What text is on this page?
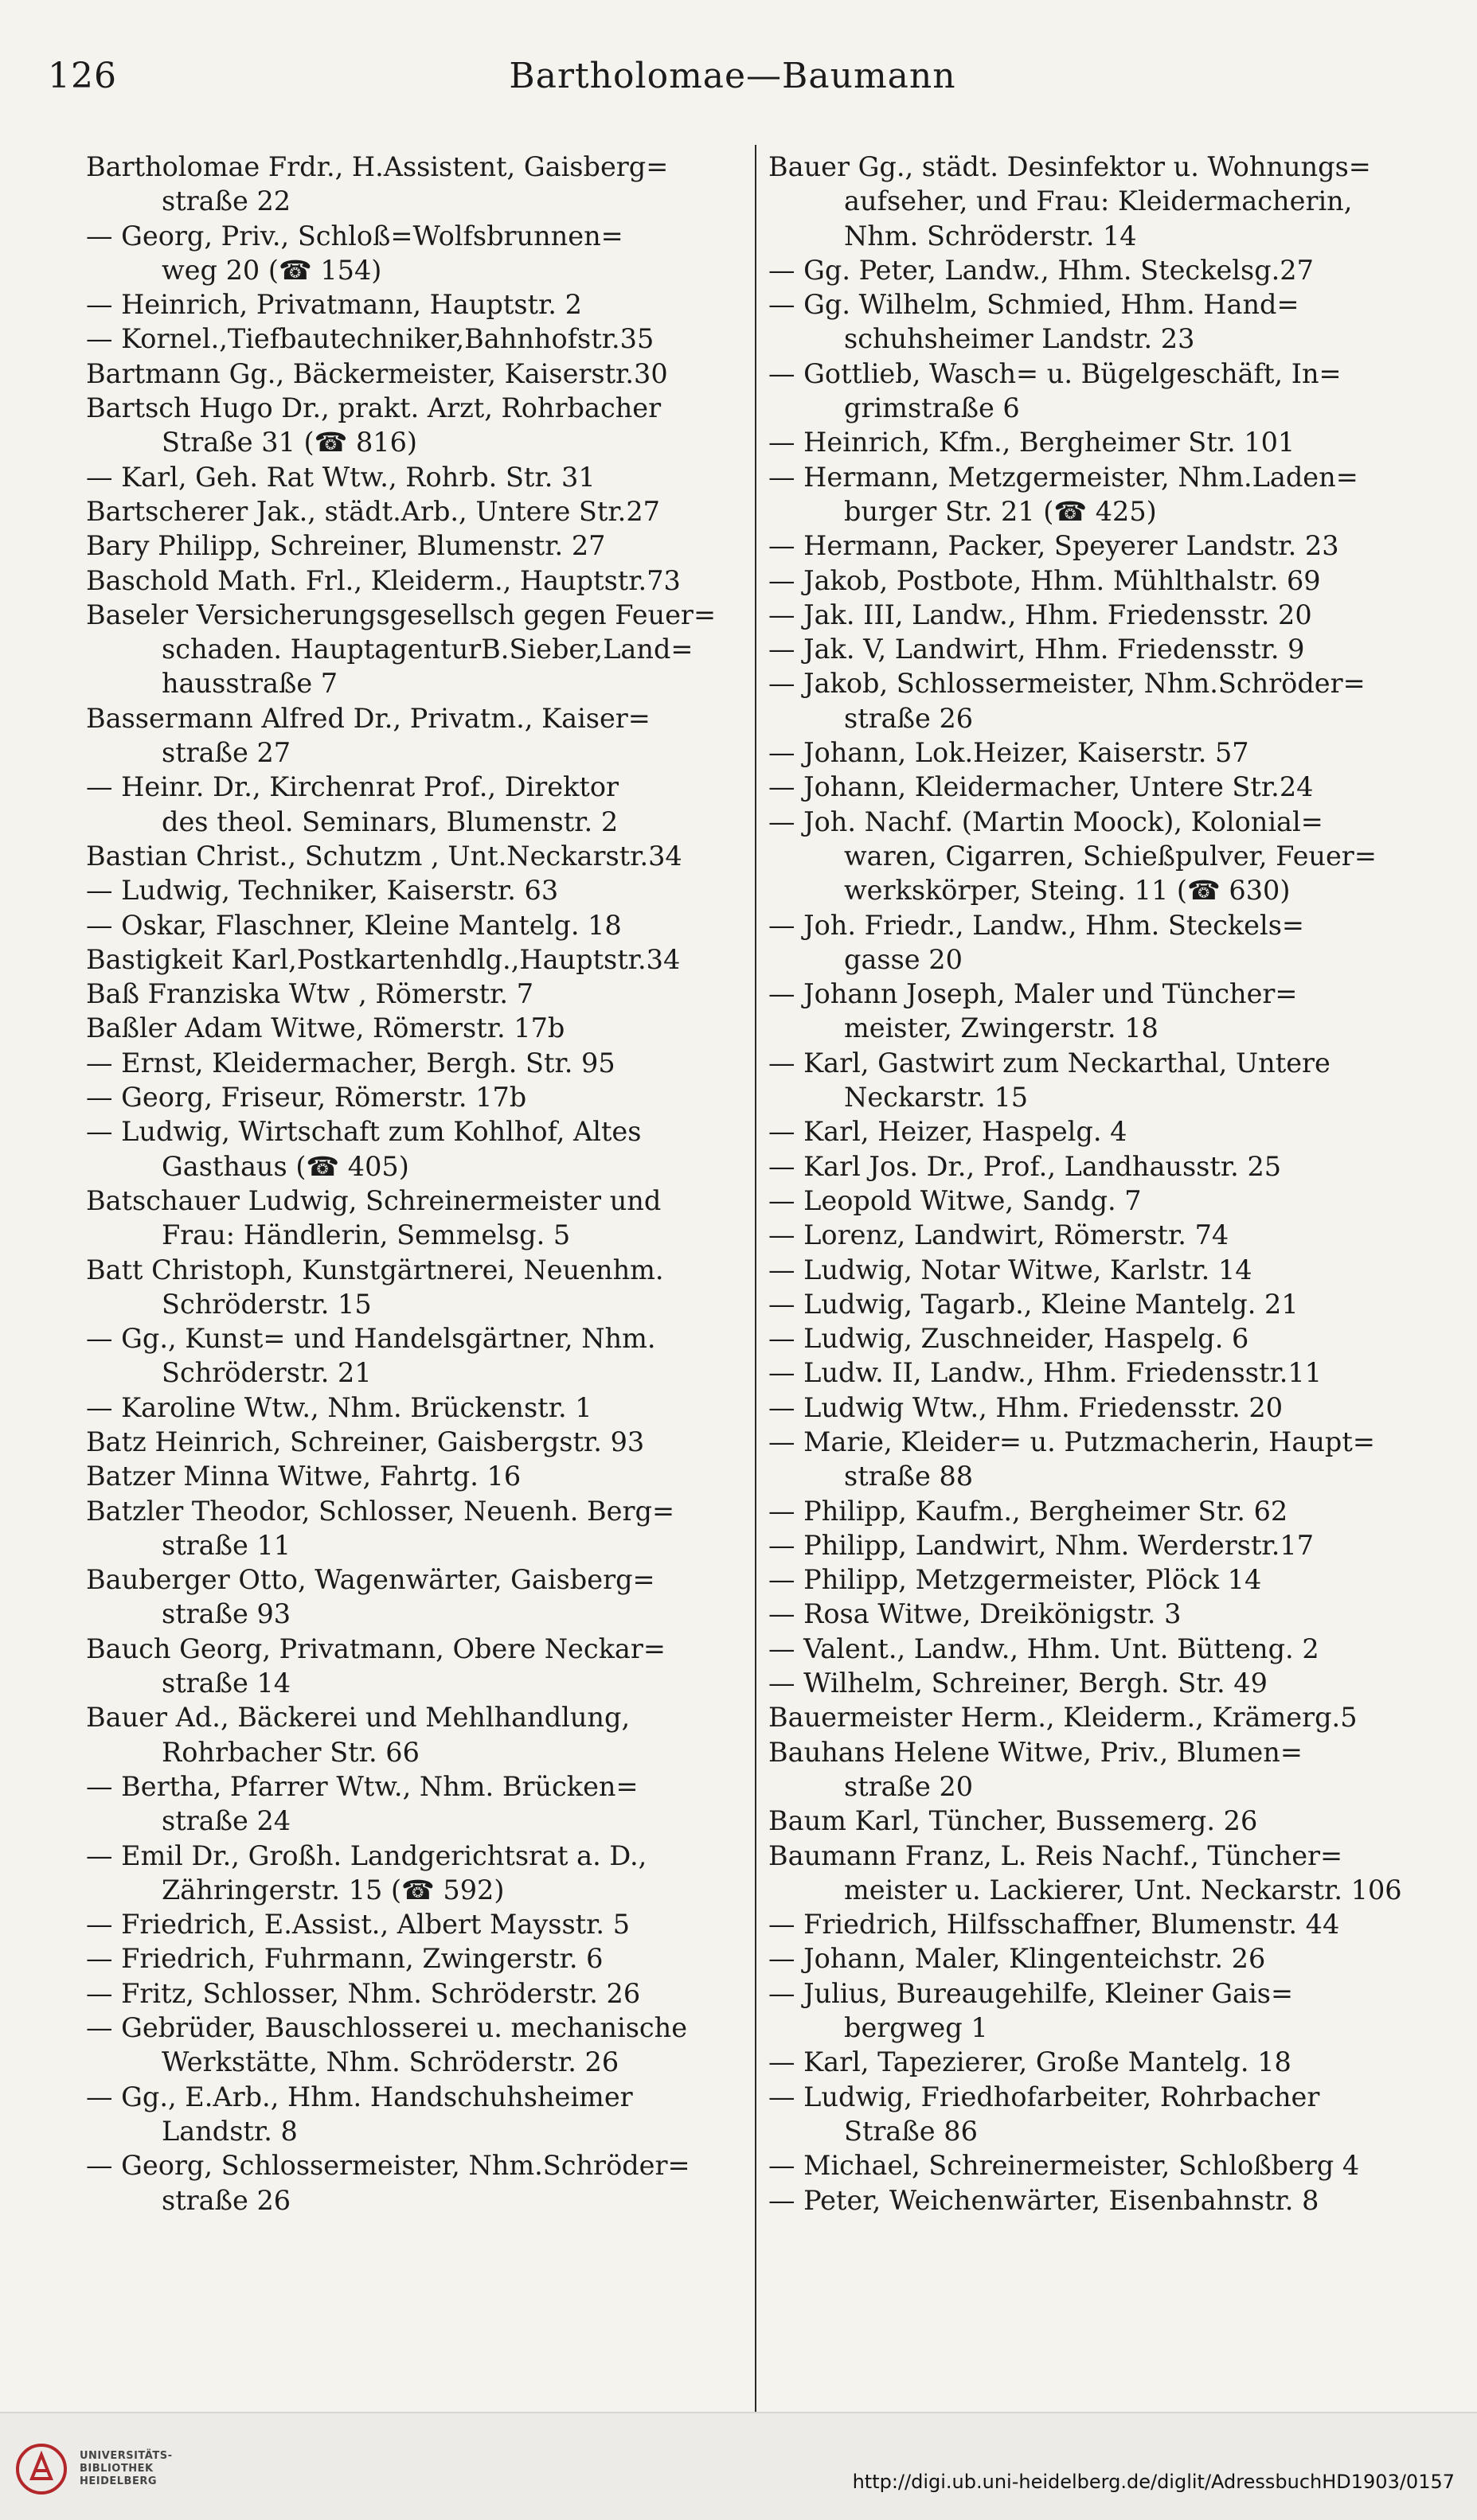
126	Bartholomae—Baumann
Bartholomae Frdr., H.Assistent, Gaisberg=
straße 22
— Georg, Priv., Schloß=Wolfsbrunnen=
weg 20 (☎ 154)
— Heinrich, Privatmann, Hauptstr. 2
— Kornel.,Tiefbautechniker,Bahnhofstr.35
Bartmann Gg., Bäckermeister, Kaiserstr.30
Bartsch Hugo Dr., prakt. Arzt, Rohrbacher
Straße 31 (☎ 816)
— Karl, Geh. Rat Wtw., Rohrb. Str. 31
Bartscherer Jak., städt.Arb., Untere Str.27
Bary Philipp, Schreiner, Blumenstr. 27
Baschold Math. Frl., Kleiderm., Hauptstr.73
Baseler Versicherungsgesellsch gegen Feuer=
schaden. HauptagenturB.Sieber,Land=
hausstraße 7
Bassermann Alfred Dr., Privatm., Kaiser=
straße 27
— Heinr. Dr., Kirchenrat Prof., Direktor
des theol. Seminars, Blumenstr. 2
Bastian Christ., Schutzm , Unt.Neckarstr.34
— Ludwig, Techniker, Kaiserstr. 63
— Oskar, Flaschner, Kleine Mantelg. 18
Bastigkeit Karl,Postkartenhdlg.,Hauptstr.34
Baß Franziska Wtw , Römerstr. 7
Baßler Adam Witwe, Römerstr. 17b
— Ernst, Kleidermacher, Bergh. Str. 95
— Georg, Friseur, Römerstr. 17b
— Ludwig, Wirtschaft zum Kohlhof, Altes
Gasthaus (☎ 405)
Batschauer Ludwig, Schreinermeister und
Frau: Händlerin, Semmelsg. 5
Batt Christoph, Kunstgärtnerei, Neuenhm.
Schröderstr. 15
— Gg., Kunst= und Handelsgärtner, Nhm.
Schröderstr. 21
— Karoline Wtw., Nhm. Brückenstr. 1
Batz Heinrich, Schreiner, Gaisbergstr. 93
Batzer Minna Witwe, Fahrtg. 16
Batzler Theodor, Schlosser, Neuenh. Berg=
straße 11
Bauberger Otto, Wagenwärter, Gaisberg=
straße 93
Bauch Georg, Privatmann, Obere Neckar=
straße 14
Bauer Ad., Bäckerei und Mehlhandlung,
Rohrbacher Str. 66
— Bertha, Pfarrer Wtw., Nhm. Brücken=
straße 24
— Emil Dr., Großh. Landgerichtsrat a. D.,
Zähringerstr. 15 (☎ 592)
— Friedrich, E.Assist., Albert Maysstr. 5
— Friedrich, Fuhrmann, Zwingerstr. 6
— Fritz, Schlosser, Nhm. Schröderstr. 26
— Gebrüder, Bauschlosserei u. mechanische
Werkstätte, Nhm. Schröderstr. 26
— Gg., E.Arb., Hhm. Handschuhsheimer
Landstr. 8
— Georg, Schlossermeister, Nhm.Schröder=
straße 26
Bauer Gg., städt. Desinfektor u. Wohnungs=
aufseher, und Frau: Kleidermacherin,
Nhm. Schröderstr. 14
— Gg. Peter, Landw., Hhm. Steckelsg.27
— Gg. Wilhelm, Schmied, Hhm. Hand=
schuhsheimer Landstr. 23
— Gottlieb, Wasch= u. Bügelgeschäft, In=
grimstraße 6
— Heinrich, Kfm., Bergheimer Str. 101
— Hermann, Metzgermeister, Nhm.Laden=
burger Str. 21 (☎ 425)
— Hermann, Packer, Speyerer Landstr. 23
— Jakob, Postbote, Hhm. Mühlthalstr. 69
— Jak. III, Landw., Hhm. Friedensstr. 20
— Jak. V, Landwirt, Hhm. Friedensstr. 9
— Jakob, Schlossermeister, Nhm.Schröder=
straße 26
— Johann, Lok.Heizer, Kaiserstr. 57
— Johann, Kleidermacher, Untere Str.24
— Joh. Nachf. (Martin Moock), Kolonial=
waren, Cigarren, Schießpulver, Feuer=
werkskörper, Steing. 11 (☎ 630)
— Joh. Friedr., Landw., Hhm. Steckels=
gasse 20
— Johann Joseph, Maler und Tüncher=
meister, Zwingerstr. 18
— Karl, Gastwirt zum Neckarthal, Untere
Neckarstr. 15
— Karl, Heizer, Haspelg. 4
— Karl Jos. Dr., Prof., Landhausstr. 25
— Leopold Witwe, Sandg. 7
— Lorenz, Landwirt, Römerstr. 74
— Ludwig, Notar Witwe, Karlstr. 14
— Ludwig, Tagarb., Kleine Mantelg. 21
— Ludwig, Zuschneider, Haspelg. 6
— Ludw. II, Landw., Hhm. Friedensstr.11
— Ludwig Wtw., Hhm. Friedensstr. 20
— Marie, Kleider= u. Putzmacherin, Haupt=
straße 88
— Philipp, Kaufm., Bergheimer Str. 62
— Philipp, Landwirt, Nhm. Werderstr.17
— Philipp, Metzgermeister, Plöck 14
— Rosa Witwe, Dreikönigstr. 3
— Valent., Landw., Hhm. Unt. Bütteng. 2
— Wilhelm, Schreiner, Bergh. Str. 49
Bauermeister Herm., Kleiderm., Krämerg.5
Bauhans Helene Witwe, Priv., Blumen=
straße 20
Baum Karl, Tüncher, Bussemerg. 26
Baumann Franz, L. Reis Nachf., Tüncher=
meister u. Lackierer, Unt. Neckarstr. 106
— Friedrich, Hilfsschaffner, Blumenstr. 44
— Johann, Maler, Klingenteichstr. 26
— Julius, Bureaugehilfe, Kleiner Gais=
bergweg 1
— Karl, Tapezierer, Große Mantelg. 18
— Ludwig, Friedhofarbeiter, Rohrbacher
Straße 86
— Michael, Schreinermeister, Schloßberg 4
— Peter, Weichenwärter, Eisenbahnstr. 8
UNIVERSITÄTS-
BIBLIOTHEK
HEIDELBERG	http://digi.ub.uni-heidelberg.de/diglit/AdressbuchHD1903/0157
